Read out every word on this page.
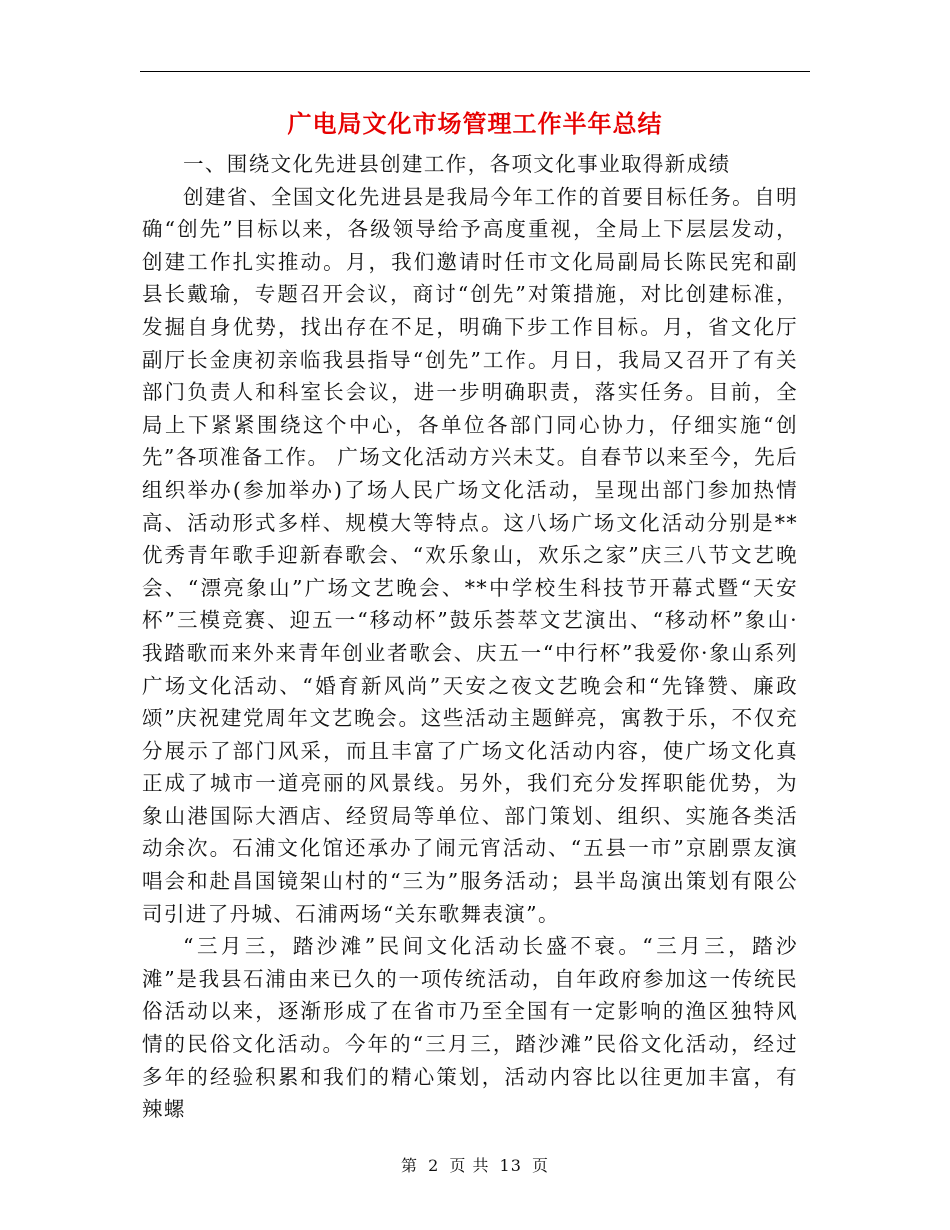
广电局文化市场管理工作半年总结

一、围绕文化先进县创建工作，各项文化事业取得新成绩

创建省、全国文化先进县是我局今年工作的首要目标任务。自明确“创先”目标以来，各级领导给予高度重视，全局上下层层发动，创建工作扎实推动。月，我们邀请时任市文化局副局长陈民宪和副县长戴瑜，专题召开会议，商讨“创先”对策措施，对比创建标准，发掘自身优势，找出存在不足，明确下步工作目标。月，省文化厅副厅长金庚初亲临我县指导“创先”工作。月日，我局又召开了有关部门负责人和科室长会议，进一步明确职责，落实任务。目前，全局上下紧紧围绕这个中心，各单位各部门同心协力，仔细实施“创先”各项准备工作。 广场文化活动方兴未艾。自春节以来至今，先后组织举办(参加举办)了场人民广场文化活动，呈现出部门参加热情高、活动形式多样、规模大等特点。这八场广场文化活动分别是**优秀青年歌手迎新春歌会、“欢乐象山，欢乐之家”庆三八节文艺晚会、“漂亮象山”广场文艺晚会、**中学校生科技节开幕式暨“天安杯”三模竞赛、迎五一“移动杯”鼓乐荟萃文艺演出、“移动杯”象山·我踏歌而来外来青年创业者歌会、庆五一“中行杯”我爱你·象山系列广场文化活动、“婚育新风尚”天安之夜文艺晚会和“先锋赞、廉政颂”庆祝建党周年文艺晚会。这些活动主题鲜亮，寓教于乐，不仅充分展示了部门风采，而且丰富了广场文化活动内容，使广场文化真正成了城市一道亮丽的风景线。另外，我们充分发挥职能优势，为象山港国际大酒店、经贸局等单位、部门策划、组织、实施各类活动余次。石浦文化馆还承办了闹元宵活动、“五县一市”京剧票友演唱会和赴昌国镜架山村的“三为”服务活动；县半岛演出策划有限公司引进了丹城、石浦两场“关东歌舞表演”。

“三月三，踏沙滩”民间文化活动长盛不衰。“三月三，踏沙滩”是我县石浦由来已久的一项传统活动，自年政府参加这一传统民俗活动以来，逐渐形成了在省市乃至全国有一定影响的渔区独特风情的民俗文化活动。今年的“三月三，踏沙滩”民俗文化活动，经过多年的经验积累和我们的精心策划，活动内容比以往更加丰富，有辣螺

第 2 页 共 13 页
